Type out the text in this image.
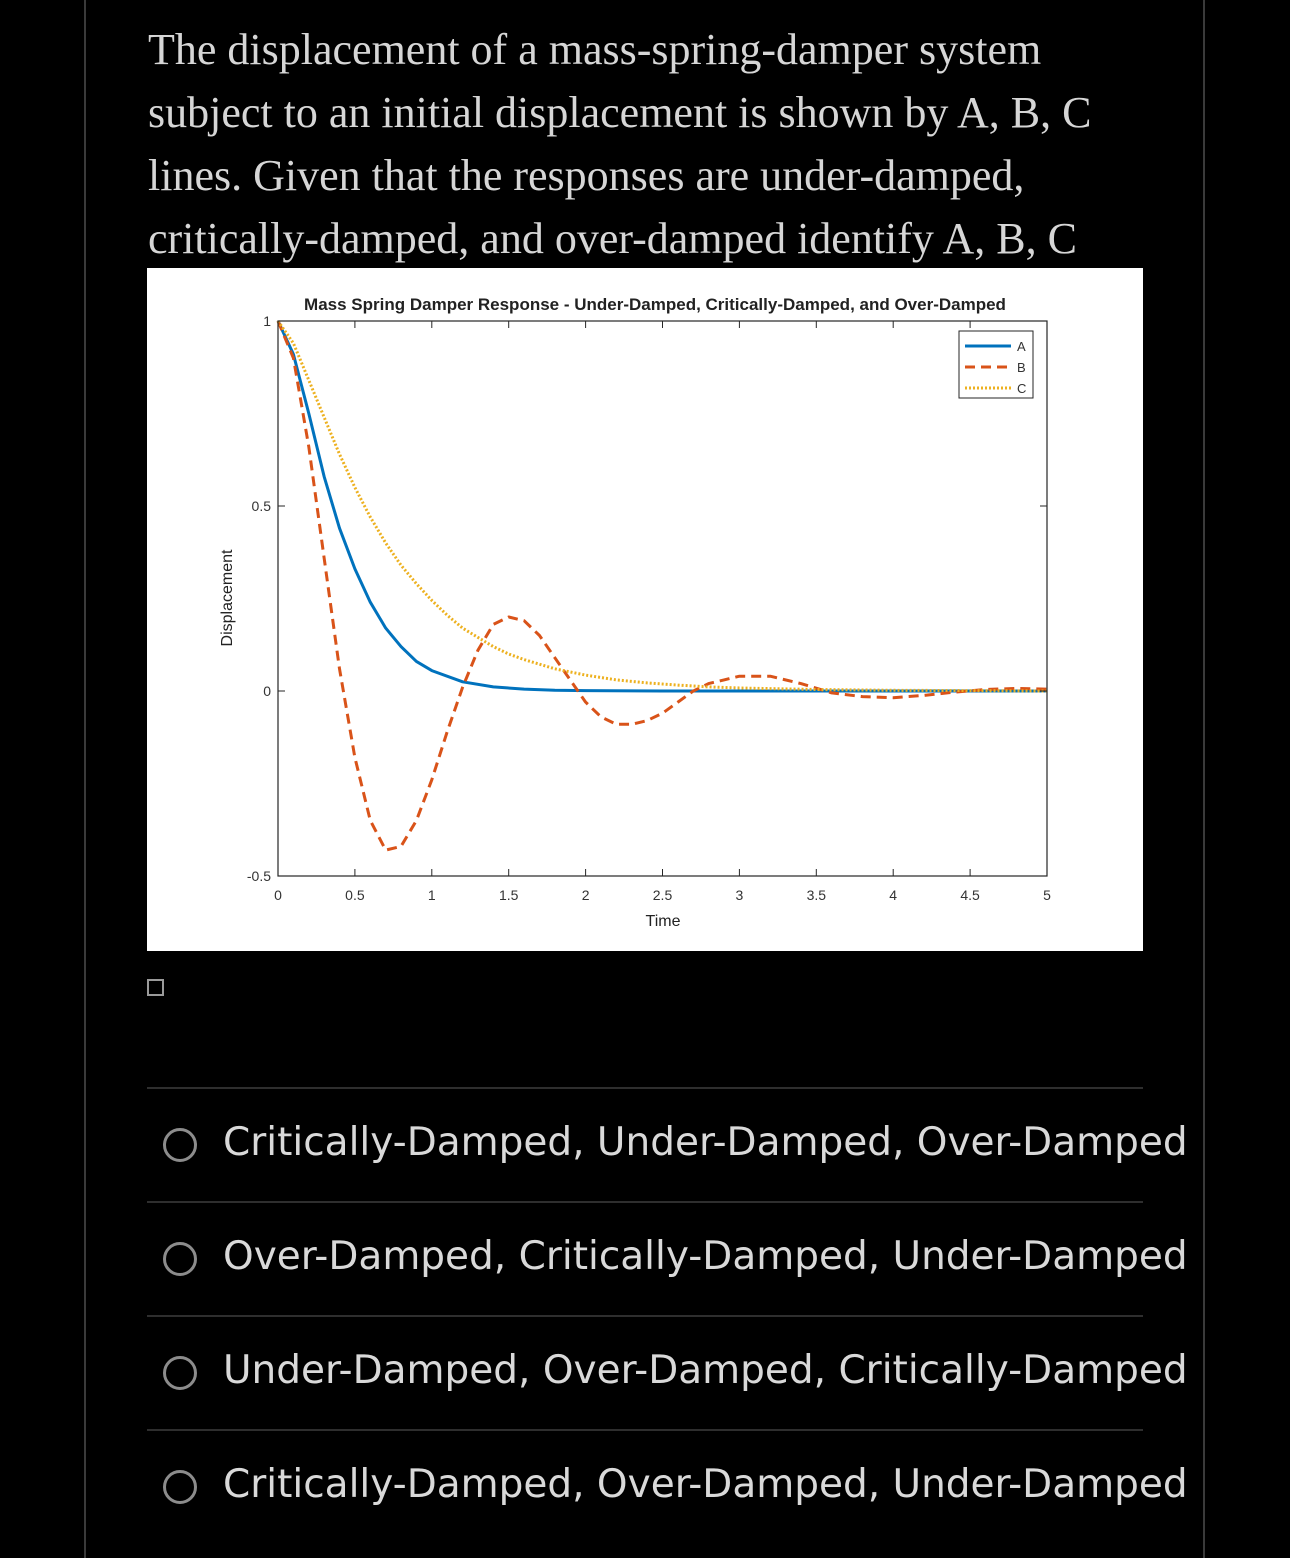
The displacement of a mass-spring-damper system
subject to an initial displacement is shown by A, B, C
lines. Given that the responses are under-damped,
critically-damped, and over-damped identify A, B, C
Mass Spring Damper Response - Under-Damped, Critically-Damped, and Over-Damped
Displacement
Time
0	0.5	1	1.5	2	2.5	3	3.5	4	4.5	5
-0.5
0
0.5
1
A
B
C
Critically-Damped, Under-Damped, Over-Damped
Over-Damped, Critically-Damped, Under-Damped
Under-Damped, Over-Damped, Critically-Damped
Critically-Damped, Over-Damped, Under-Damped
